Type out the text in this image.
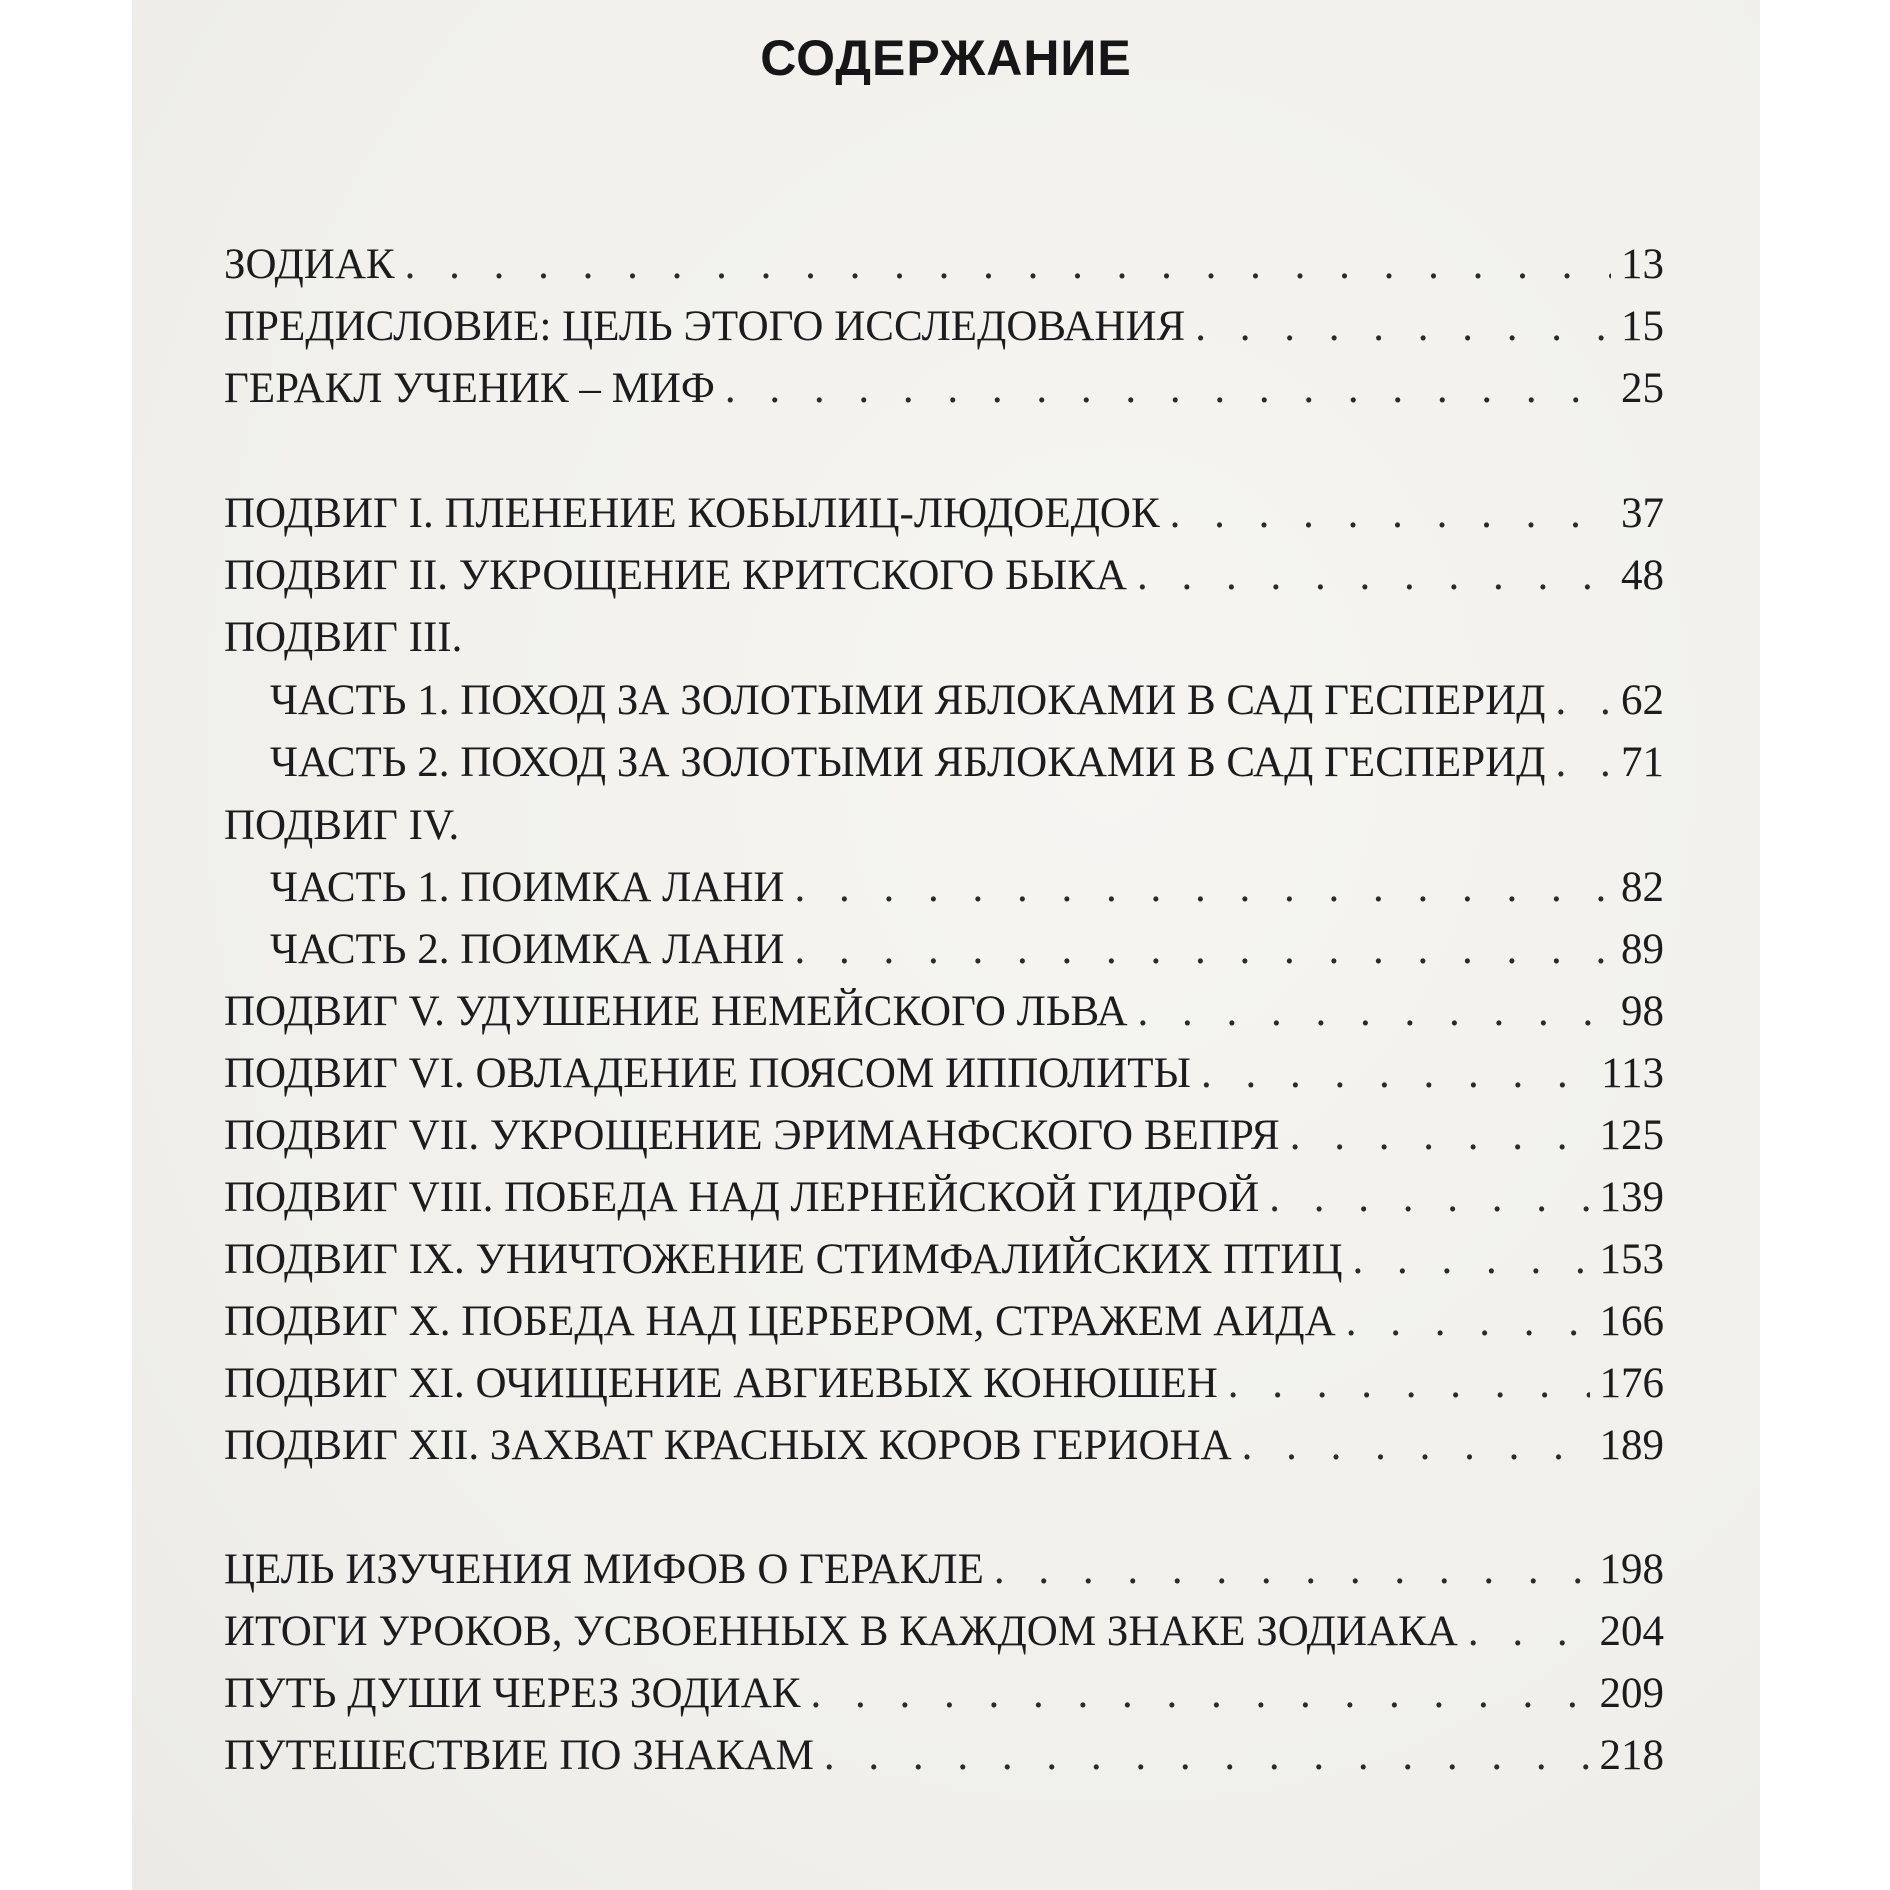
СОДЕРЖАНИЕ
ЗОДИАК . . .	13
ПРЕДИСЛОВИЕ: ЦЕЛЬ ЭТОГО ИССЛЕДОВАНИЯ . . .	15
ГЕРАКЛ УЧЕНИК – МИФ . . .	25
ПОДВИГ I. ПЛЕНЕНИЕ КОБЫЛИЦ-ЛЮДОЕДОК . . .	37
ПОДВИГ II. УКРОЩЕНИЕ КРИТСКОГО БЫКА . . .	48
ПОДВИГ III.
ЧАСТЬ 1. ПОХОД ЗА ЗОЛОТЫМИ ЯБЛОКАМИ В САД ГЕСПЕРИД . . . 62
ЧАСТЬ 2. ПОХОД ЗА ЗОЛОТЫМИ ЯБЛОКАМИ В САД ГЕСПЕРИД . . . 71
ПОДВИГ IV.
ЧАСТЬ 1. ПОИМКА ЛАНИ . . .	82
ЧАСТЬ 2. ПОИМКА ЛАНИ . . .	89
ПОДВИГ V. УДУШЕНИЕ НЕМЕЙСКОГО ЛЬВА . . .	98
ПОДВИГ VI. ОВЛАДЕНИЕ ПОЯСОМ ИППОЛИТЫ . . .	113
ПОДВИГ VII. УКРОЩЕНИЕ ЭРИМАНФСКОГО ВЕПРЯ . . .	125
ПОДВИГ VIII. ПОБЕДА НАД ЛЕРНЕЙСКОЙ ГИДРОЙ . . .	139
ПОДВИГ IX. УНИЧТОЖЕНИЕ СТИМФАЛИЙСКИХ ПТИЦ . . .	153
ПОДВИГ X. ПОБЕДА НАД ЦЕРБЕРОМ, СТРАЖЕМ АИДА . . .	166
ПОДВИГ XI. ОЧИЩЕНИЕ АВГИЕВЫХ КОНЮШЕН . . .	176
ПОДВИГ XII. ЗАХВАТ КРАСНЫХ КОРОВ ГЕРИОНА . . .	189
ЦЕЛЬ ИЗУЧЕНИЯ МИФОВ О ГЕРАКЛЕ . . .	198
ИТОГИ УРОКОВ, УСВОЕННЫХ В КАЖДОМ ЗНАКЕ ЗОДИАКА . . .	204
ПУТЬ ДУШИ ЧЕРЕЗ ЗОДИАК . . .	209
ПУТЕШЕСТВИЕ ПО ЗНАКАМ . . .	218
